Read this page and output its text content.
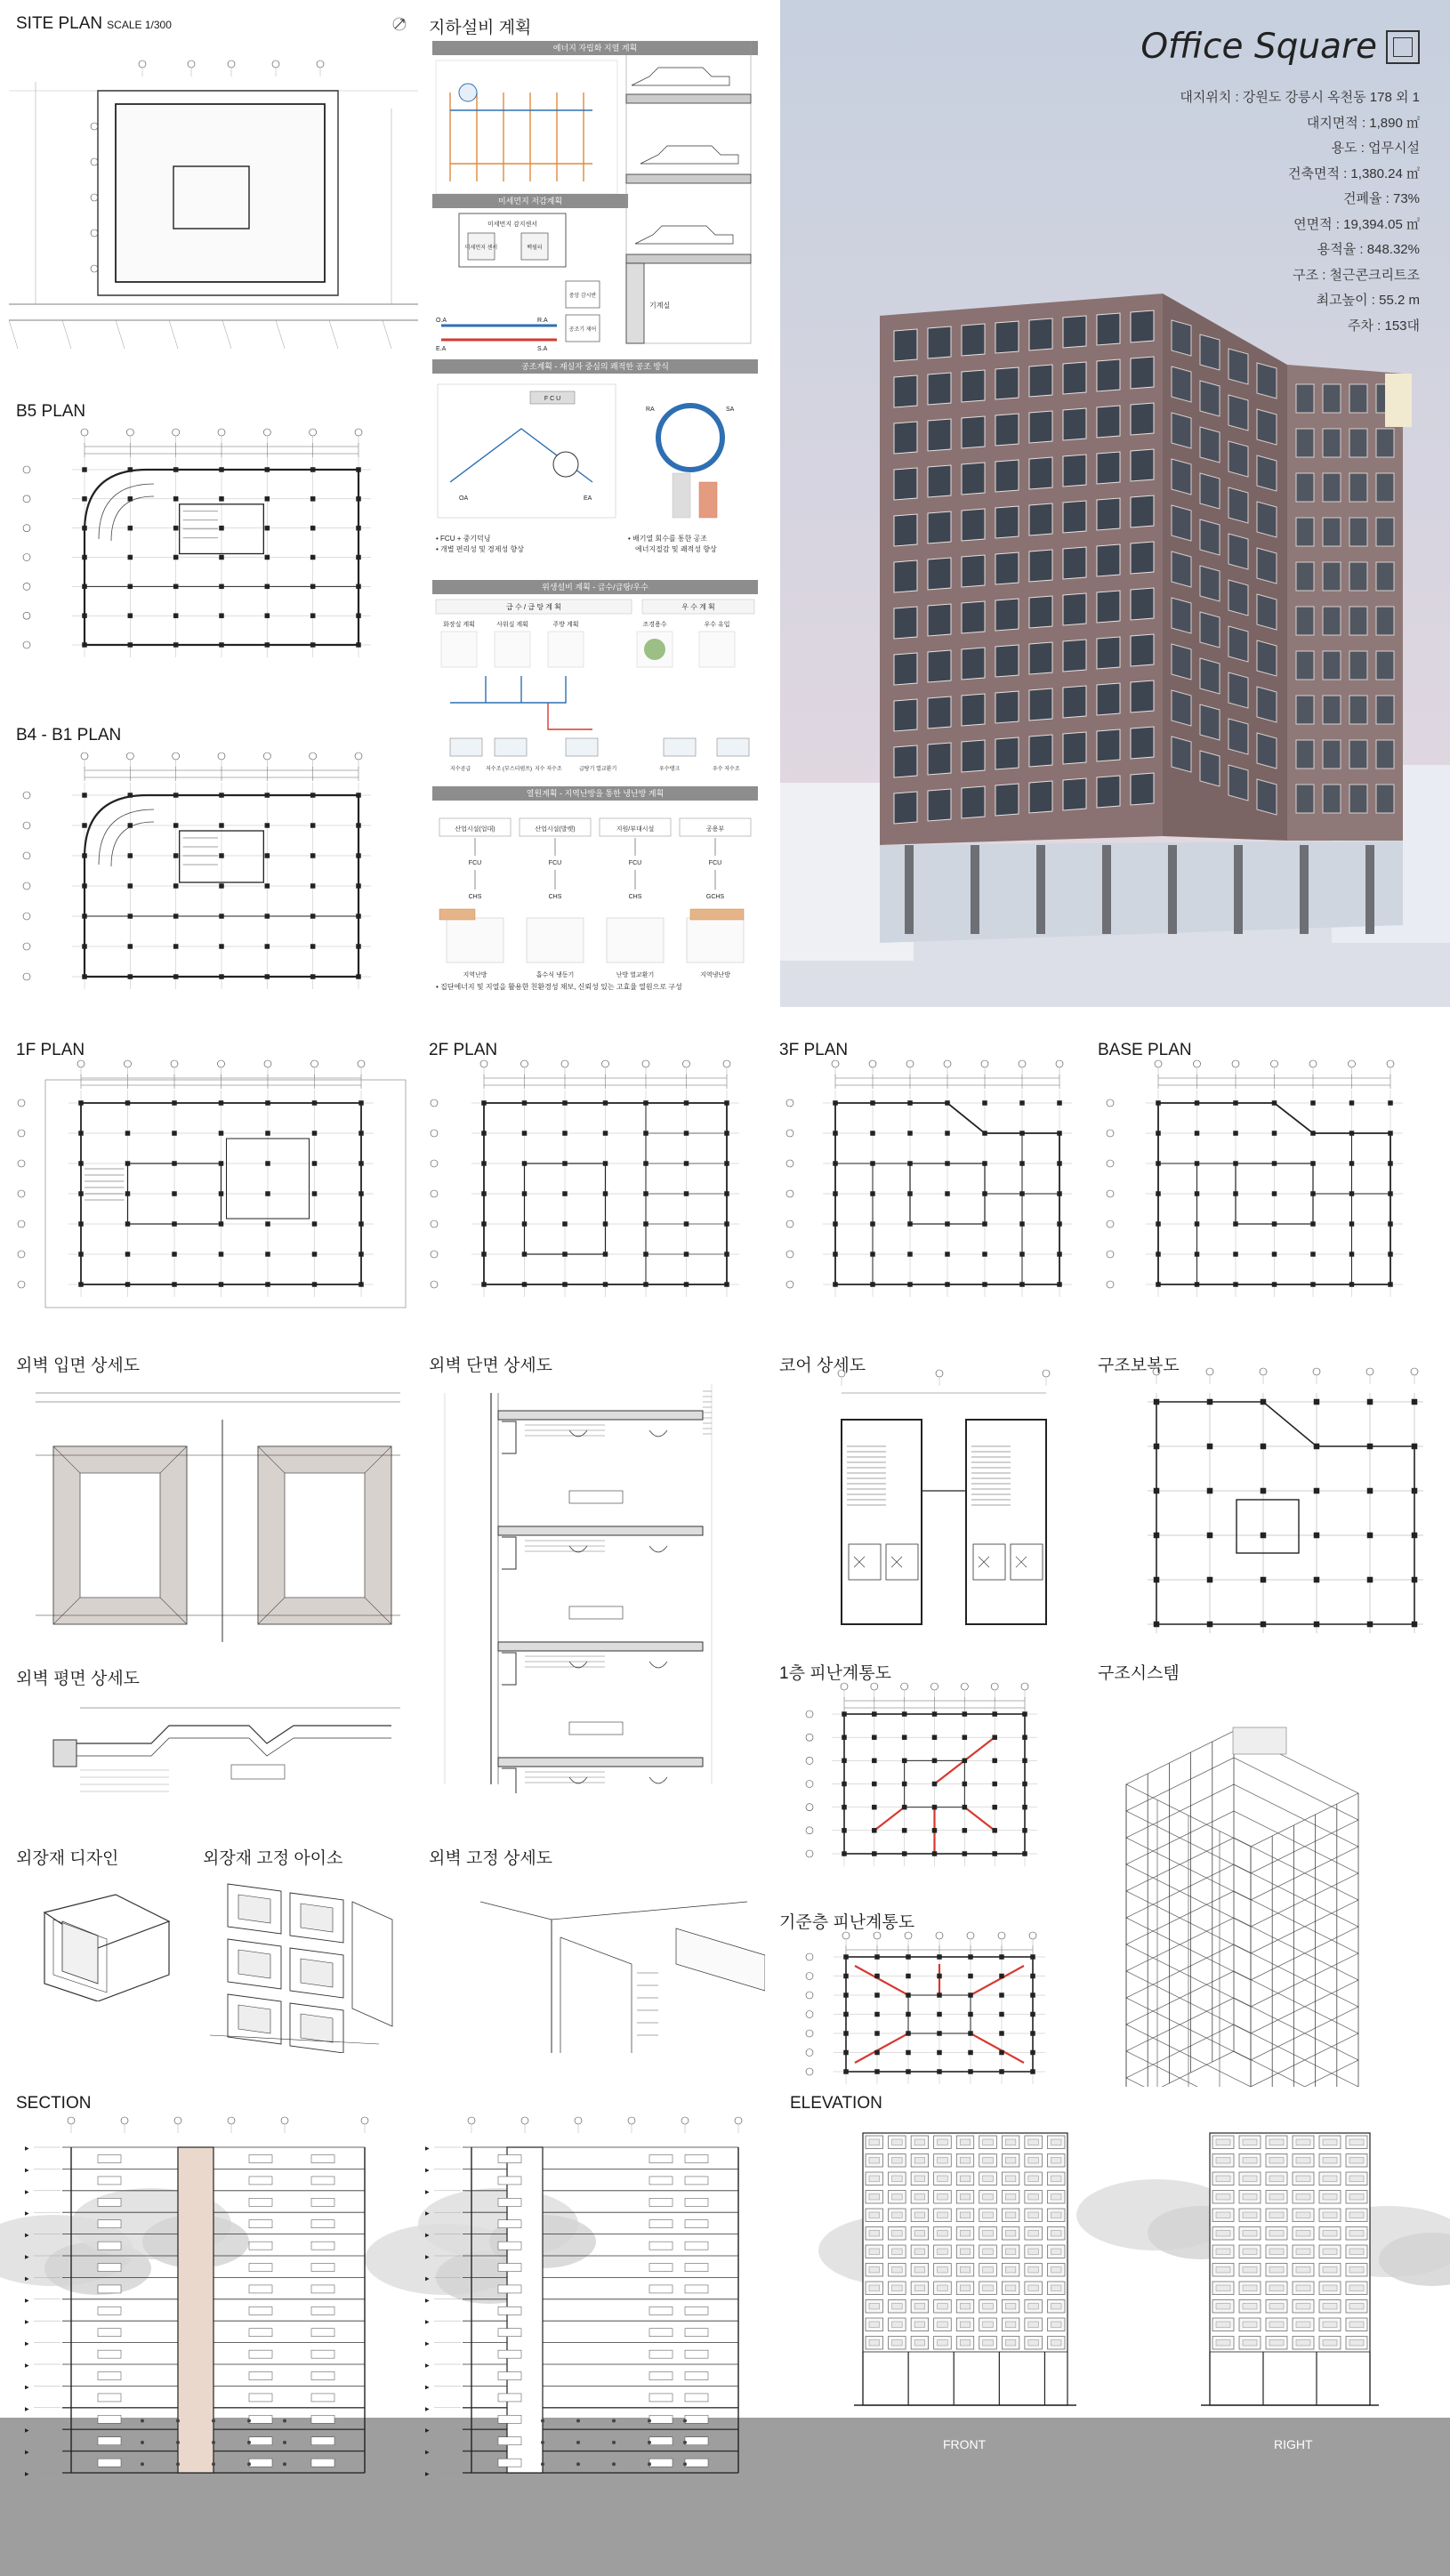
SITE PLAN SCALE 1/300
B5 PLAN
B4 - B1 PLAN
지하설비 계획
에너지 자립화 지열 계획
미세먼지 저감계획
미세먼지 감지센서
미세먼지 센서	백필터
중앙 감시반
공조기 제어
O.A
E.A
R.A
S.A
공조계획 - 재실자 중심의 쾌적한 공조 방식
F C U
OA	EA
RA	SA
• FCU + 중기덕닝
• 개별 편리성 및 경제성 향상
• 배기열 회수를 통한 공조
에너지절감 및 쾌적성 향상
위생설비 계획 - 급수/급탕/우수
급 수 / 급 탕 계 획	우 수 계 획
화장실 계획	사워실 계획	주방 계획	조경용수	우수 유입
지수공급	저수조 (부스터펌프) 지수 저수조	급탕기 열교환기	우수탱크	우수 저수조
열원계획 - 지역난방을 통한 냉난방 계획
산업시설(업대)
FCU
CHS
지역난방
산업시설(발렛)
FCU
CHS
흡수식 냉동기
지원/부대시설
FCU
CHS
난방 열교환기
공용부
FCU
GCHS
지역냉난방
• 집단에너지 및 지열을 활용한 친환경성 채보, 신뢰성 있는 고효율 열원으로 구성
기계실
Office Square
대지위치 : 강원도 강릉시 옥천동 178 외 1
대지면적 : 1,890 ㎡
용도 : 업무시설
건축면적 : 1,380.24 ㎡
건폐율 : 73%
연면적 : 19,394.05 ㎡
용적율 : 848.32%
구조 : 철근콘크리트조
최고높이 : 55.2 m
주차 : 153대
1F PLAN	2F PLAN	3F PLAN	BASE PLAN
외벽 입면 상세도	외벽 단면 상세도	코어 상세도	구조보복도
외벽 평면 상세도	1층 피난계통도	구조시스템
외장재 디자인	외장재 고정 아이소	외벽 고정 상세도
기준층 피난계통도
SECTION
▶
▶
▶
▶
▶
▶
▶
▶
▶
▶
▶
▶
▶
▶
▶
▶
▶
▶
▶
▶
▶
▶
▶
▶
▶
▶
▶
▶
▶
▶
▶
▶
ELEVATION
FRONT	RIGHT
